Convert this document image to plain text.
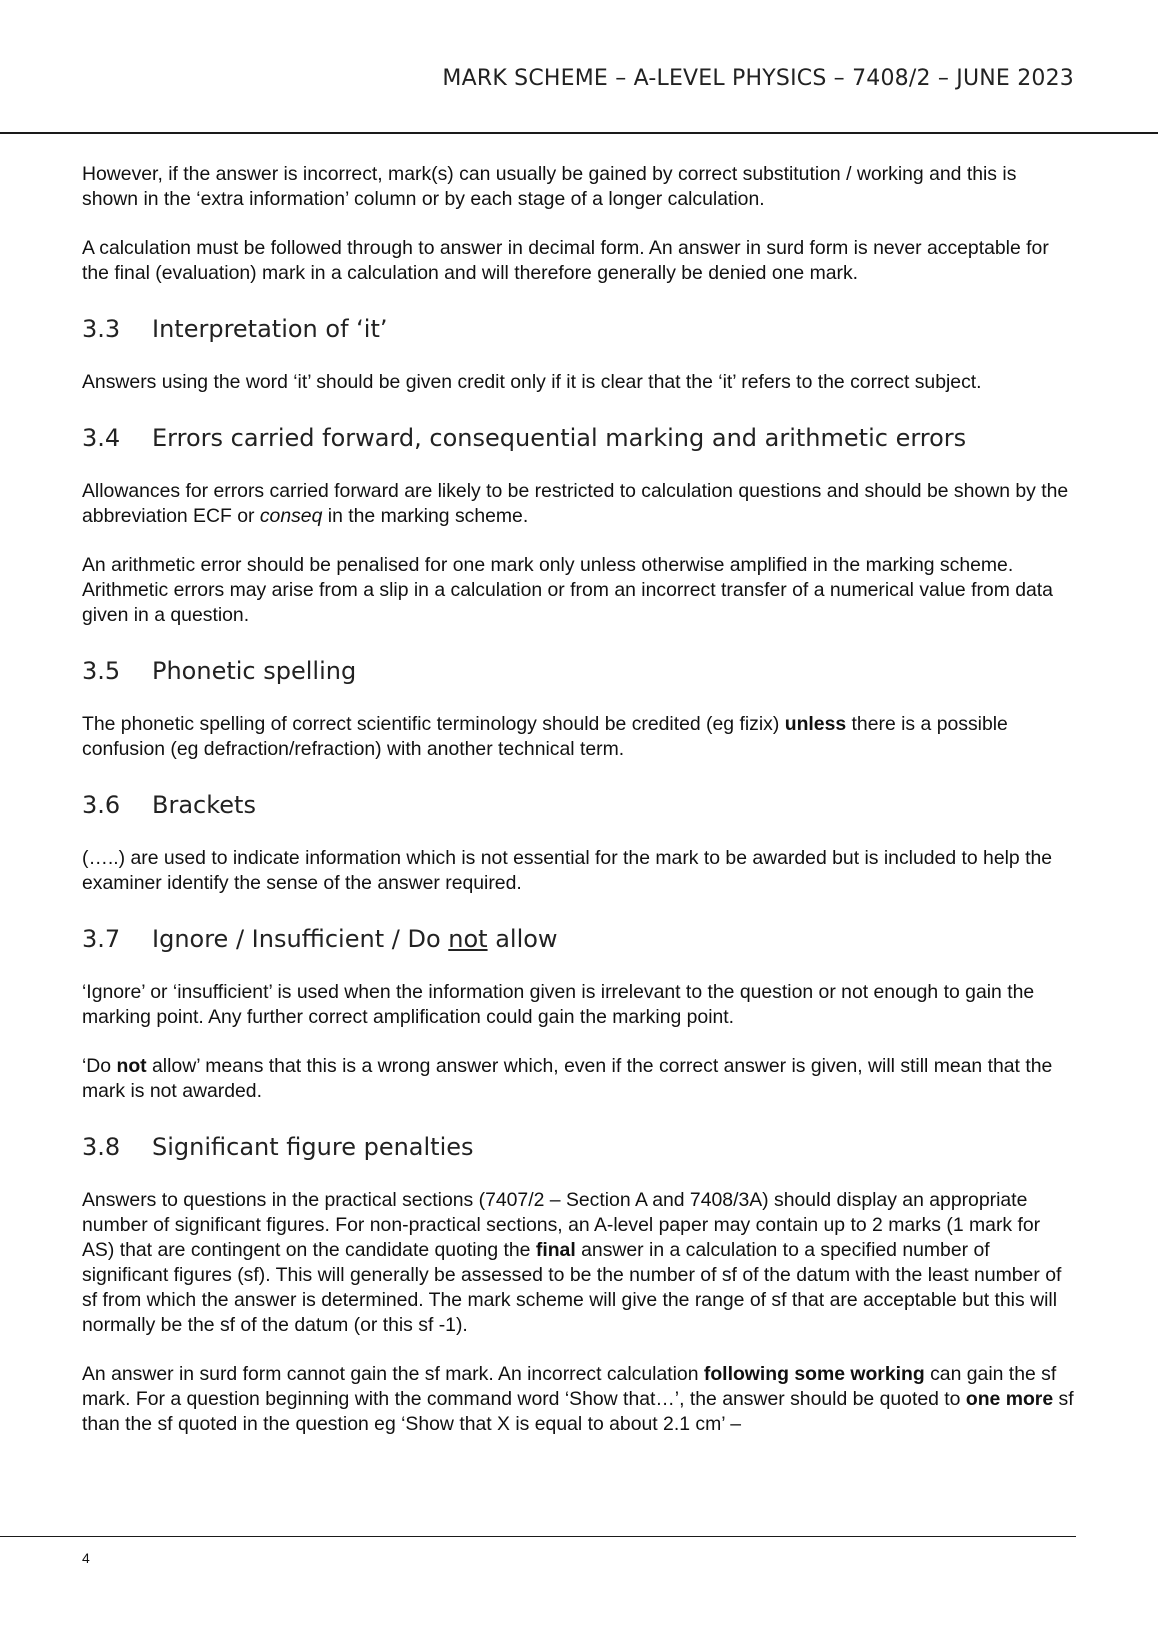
MARK SCHEME – A-LEVEL PHYSICS – 7408/2 – JUNE 2023

However, if the answer is incorrect, mark(s) can usually be gained by correct substitution / working and this is shown in the ‘extra information’ column or by each stage of a longer calculation.

A calculation must be followed through to answer in decimal form. An answer in surd form is never acceptable for the final (evaluation) mark in a calculation and will therefore generally be denied one mark.

3.3 Interpretation of ‘it’

Answers using the word ‘it’ should be given credit only if it is clear that the ‘it’ refers to the correct subject.

3.4 Errors carried forward, consequential marking and arithmetic errors

Allowances for errors carried forward are likely to be restricted to calculation questions and should be shown by the abbreviation ECF or conseq in the marking scheme.

An arithmetic error should be penalised for one mark only unless otherwise amplified in the marking scheme. Arithmetic errors may arise from a slip in a calculation or from an incorrect transfer of a numerical value from data given in a question.

3.5 Phonetic spelling

The phonetic spelling of correct scientific terminology should be credited (eg fizix) unless there is a possible confusion (eg defraction/refraction) with another technical term.

3.6 Brackets

(…..) are used to indicate information which is not essential for the mark to be awarded but is included to help the examiner identify the sense of the answer required.

3.7 Ignore / Insufficient / Do not allow

‘Ignore’ or ‘insufficient’ is used when the information given is irrelevant to the question or not enough to gain the marking point. Any further correct amplification could gain the marking point.

‘Do not allow’ means that this is a wrong answer which, even if the correct answer is given, will still mean that the mark is not awarded.

3.8 Significant figure penalties

Answers to questions in the practical sections (7407/2 – Section A and 7408/3A) should display an appropriate number of significant figures. For non-practical sections, an A-level paper may contain up to 2 marks (1 mark for AS) that are contingent on the candidate quoting the final answer in a calculation to a specified number of significant figures (sf). This will generally be assessed to be the number of sf of the datum with the least number of sf from which the answer is determined. The mark scheme will give the range of sf that are acceptable but this will normally be the sf of the datum (or this sf -1).

An answer in surd form cannot gain the sf mark. An incorrect calculation following some working can gain the sf mark. For a question beginning with the command word ‘Show that…’, the answer should be quoted to one more sf than the sf quoted in the question eg ‘Show that X is equal to about 2.1 cm’ –

4
